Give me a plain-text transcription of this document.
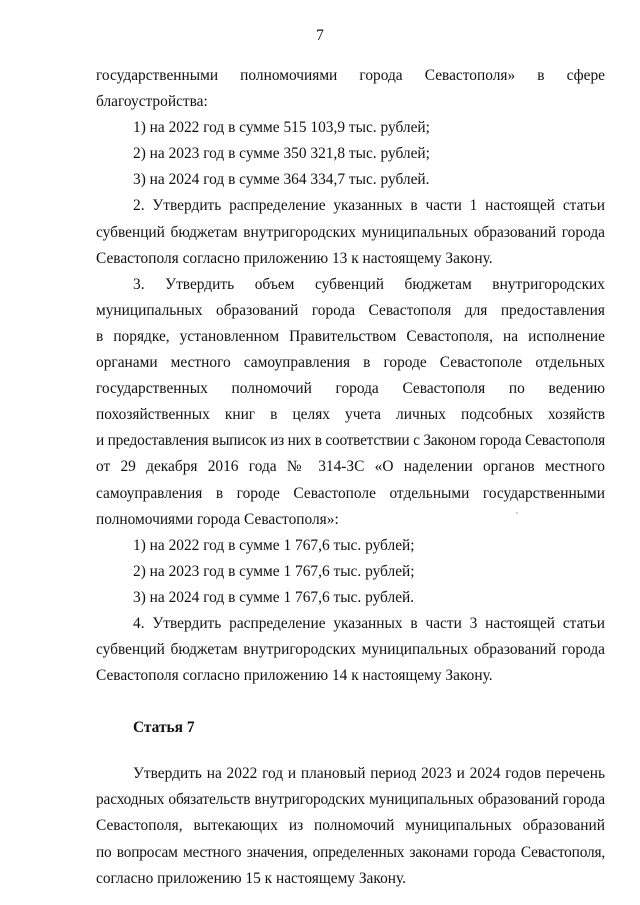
7
государственными полномочиями города Севастополя» в сфере
благоустройства:
1) на 2022 год в сумме 515 103,9 тыс. рублей;
2) на 2023 год в сумме 350 321,8 тыс. рублей;
3) на 2024 год в сумме 364 334,7 тыс. рублей.
2. Утвердить распределение указанных в части 1 настоящей статьи
субвенций бюджетам внутригородских муниципальных образований города
Севастополя согласно приложению 13 к настоящему Закону.
3. Утвердить объем субвенций бюджетам внутригородских
муниципальных образований города Севастополя для предоставления
в порядке, установленном Правительством Севастополя, на исполнение
органами местного самоуправления в городе Севастополе отдельных
государственных полномочий города Севастополя по ведению
похозяйственных книг в целях учета личных подсобных хозяйств
и предоставления выписок из них в соответствии с Законом города Севастополя
от 29 декабря 2016 года № 314-ЗС «О наделении органов местного
самоуправления в городе Севастополе отдельными государственными
полномочиями города Севастополя»:
1) на 2022 год в сумме 1 767,6 тыс. рублей;
2) на 2023 год в сумме 1 767,6 тыс. рублей;
3) на 2024 год в сумме 1 767,6 тыс. рублей.
4. Утвердить распределение указанных в части 3 настоящей статьи
субвенций бюджетам внутригородских муниципальных образований города
Севастополя согласно приложению 14 к настоящему Закону.
Статья 7
Утвердить на 2022 год и плановый период 2023 и 2024 годов перечень
расходных обязательств внутригородских муниципальных образований города
Севастополя, вытекающих из полномочий муниципальных образований
по вопросам местного значения, определенных законами города Севастополя,
согласно приложению 15 к настоящему Закону.
